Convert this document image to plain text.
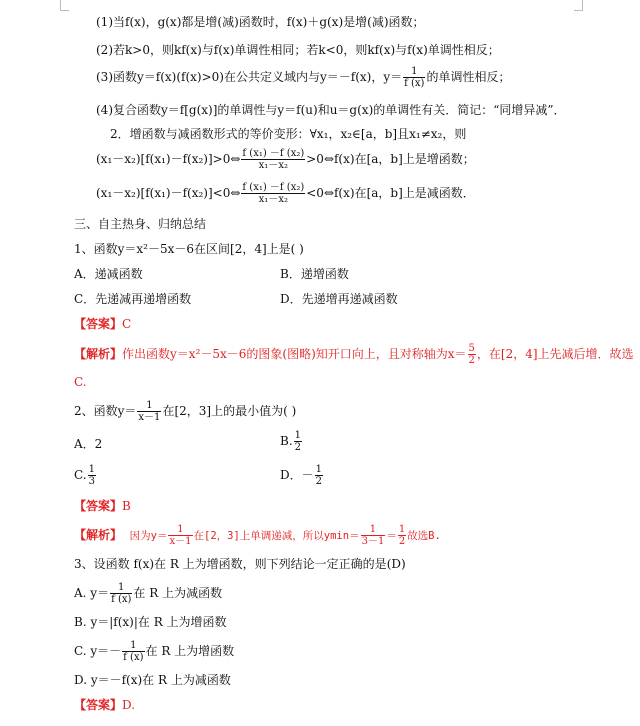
(1)当f(x)，g(x)都是增(减)函数时，f(x)＋g(x)是增(减)函数；
(2)若k>0，则kf(x)与f(x)单调性相同；若k<0，则kf(x)与f(x)单调性相反；
(3)函数y＝f(x)(f(x)>0)在公共定义域内与y＝－f(x)，$y= \frac{1}{f (x)}$ 的单调性相反；
(4)复合函数y＝f[g(x)]的单调性与y＝f(u)和u＝g(x)的单调性有关．简记：“同增异减”．
2．增函数与减函数形式的等价变形：∀x₁，x₂∈[a，b]且x₁≠x₂，则
(x₁－x₂)[f(x₁)－f(x₂)]>0⇔ $\frac{\text{f (x₁) －f (x₂)}}{\text{x₁－x₂}}$ >0⇔f(x)在[a，b]上是增函数；
(x₁－x₂)[f(x₁)－f(x₂)]<0⇔ $\frac{\text{f (x₁) －f (x₂)}}{\text{x₁－x₂}}$ <0⇔f(x)在[a，b]上是减函数．
三、自主热身、归纳总结
1、函数y＝x²－5x－6在区间[2，4]上是( )
A．递减函数	B．递增函数
C．先递减再递增函数	D．先递增再递减函数
【答案】C
【解析】作出函数y＝x²－5x－6的图象(图略)知开口向上，且对称轴为$x= \frac{5}{2}$ ，在[2，4]上先减后增．故选
C.
2、函数$y= \frac{1}{x-1}$ 在[2，3]上的最小值为( )
A．2	B. $\frac{1}{2}$
C. $\frac{1}{3}$	D．－ $\frac{1}{2}$
【答案】B
【解析】 因为$y= \frac{1}{x-1}$ 在[2，3]上单调递减，所以$ymin= \frac{1}{3-1} = \frac{1}{2}$ 故选B.
3、设函数 f(x)在 R 上为增函数，则下列结论一定正确的是(D)
A. $y= \frac{1}{f (x)}$ 在 R 上为减函数
B. y＝|f(x)|在 R 上为增函数
C. $y=- \frac{1}{f (x)}$ 在 R 上为增函数
D. y＝－f(x)在 R 上为减函数
【答案】D.
